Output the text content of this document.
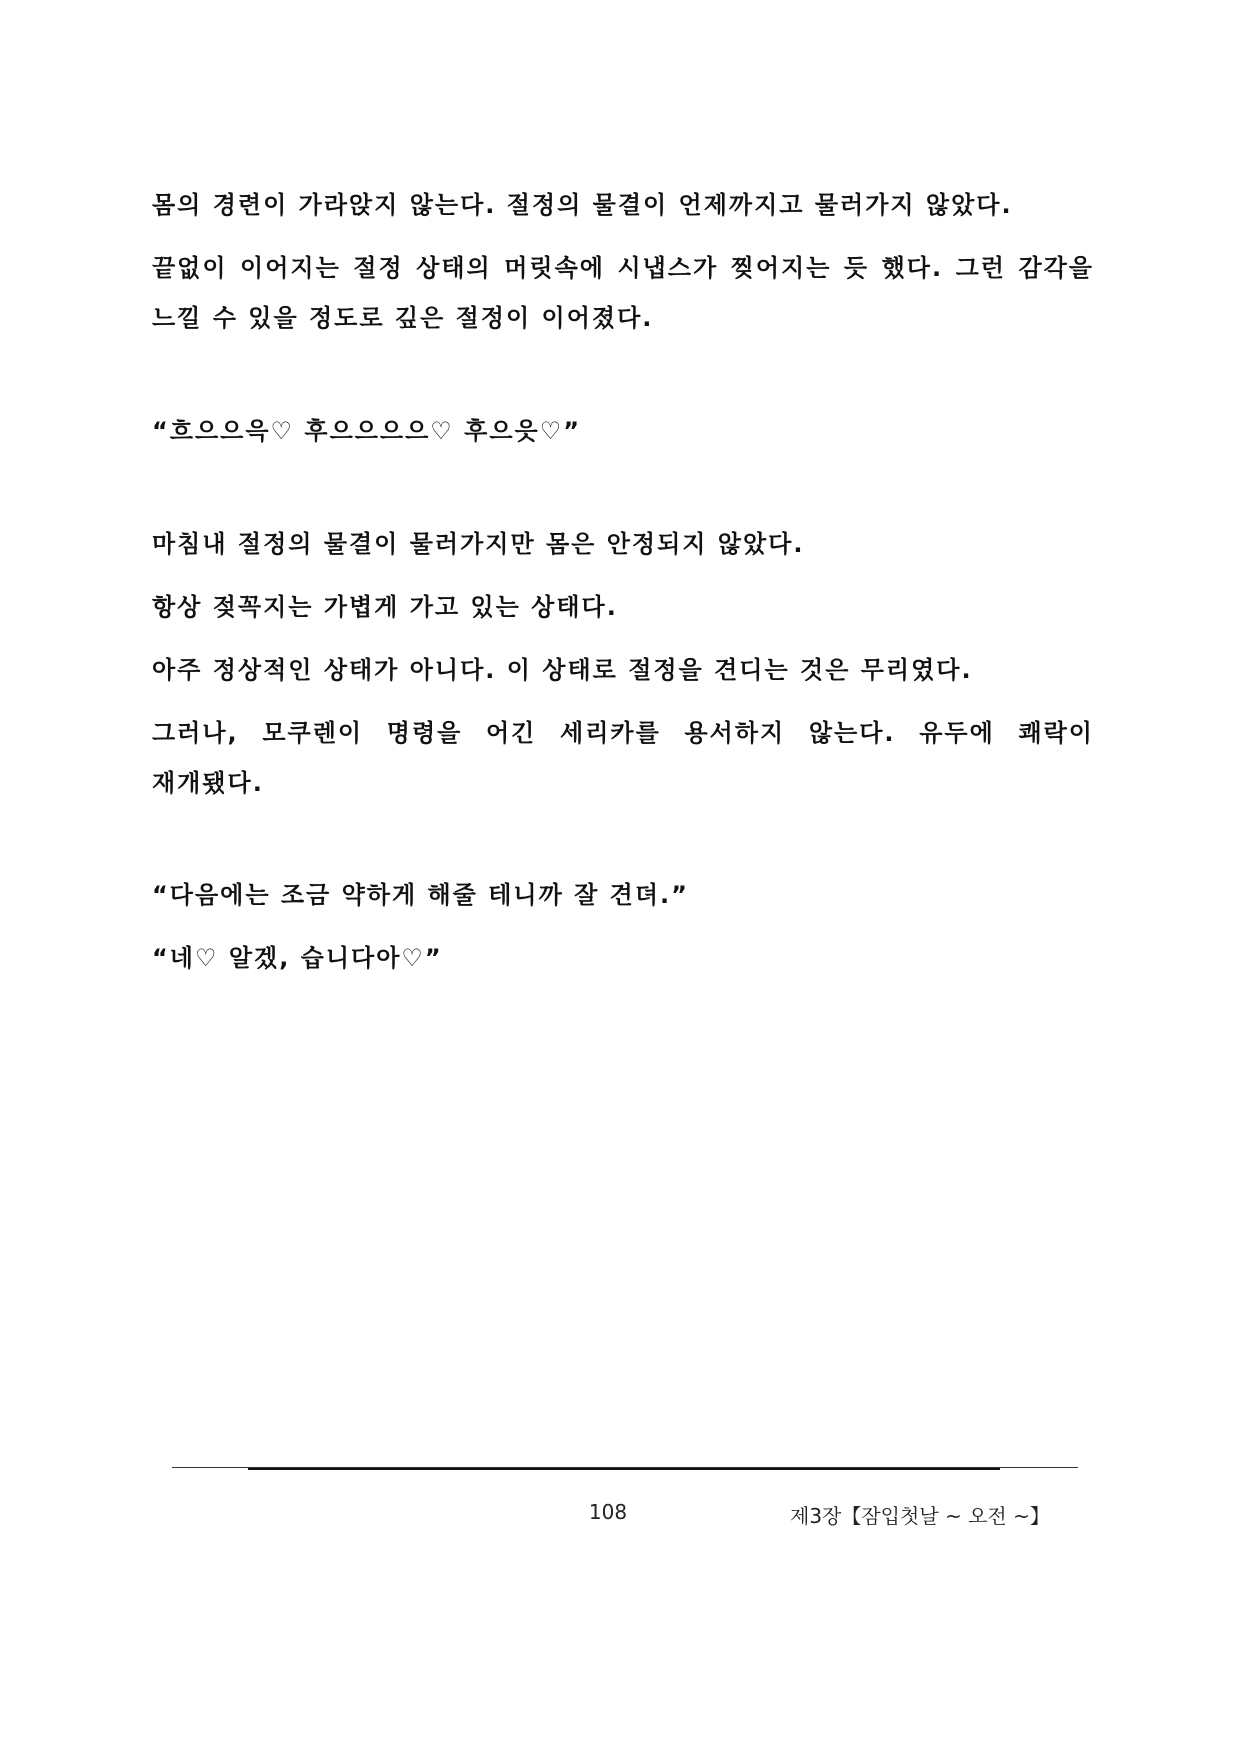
몸의 경련이 가라앉지 않는다. 절정의 물결이 언제까지고 물러가지 않았다.

끝없이 이어지는 절정 상태의 머릿속에 시냅스가 찢어지는 듯 했다. 그런 감각을 느낄 수 있을 정도로 깊은 절정이 이어졌다.

“흐으으윽♡ 후으으으으♡ 후으읏♡”

마침내 절정의 물결이 물러가지만 몸은 안정되지 않았다.

항상 젖꼭지는 가볍게 가고 있는 상태다.

아주 정상적인 상태가 아니다. 이 상태로 절정을 견디는 것은 무리였다.

그러나, 모쿠렌이 명령을 어긴 세리카를 용서하지 않는다. 유두에 쾌락이 재개됐다.

“다음에는 조금 약하게 해줄 테니까 잘 견뎌.”

“네♡ 알겠, 습니다아♡”

108	제3장【잠입첫날 ~ 오전 ~】
